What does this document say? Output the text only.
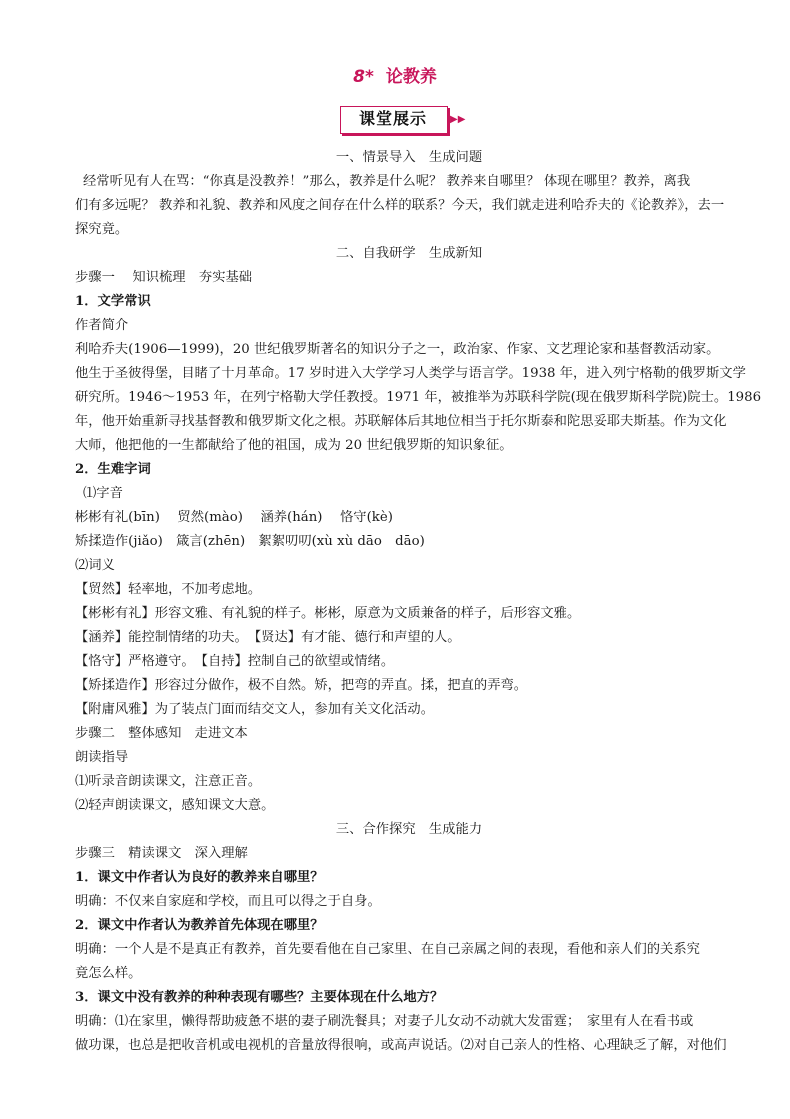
8* 论教养
课堂展示	▶▶

一、情景导入　生成问题

经常听见有人在骂：“你真是没教养！”那么，教养是什么呢？ 教养来自哪里？ 体现在哪里？教养，离我

们有多远呢？ 教养和礼貌、教养和风度之间存在什么样的联系？今天，我们就走进利哈乔夫的《论教养》，去一

探究竟。

二、自我研学　生成新知

步骤一　 知识梳理　夯实基础

1．文学常识

作者简介

利哈乔夫(1906—1999)，20 世纪俄罗斯著名的知识分子之一，政治家、作家、文艺理论家和基督教活动家。

他生于圣彼得堡，目睹了十月革命。17 岁时进入大学学习人类学与语言学。1938 年，进入列宁格勒的俄罗斯文学

研究所。1946～1953 年，在列宁格勒大学任教授。1971 年，被推举为苏联科学院(现在俄罗斯科学院)院士。1986

年，他开始重新寻找基督教和俄罗斯文化之根。苏联解体后其地位相当于托尔斯泰和陀思妥耶夫斯基。作为文化

大师，他把他的一生都献给了他的祖国，成为 20 世纪俄罗斯的知识象征。

2．生难字词

⑴字音

彬彬有礼(bīn)　 贸然(mào)　 涵养(hán)　 恪守(kè)

矫揉造作(jiǎo)　箴言(zhēn)　絮絮叨叨(xù xù dāo　dāo)

⑵词义

【贸然】轻率地，不加考虑地。

【彬彬有礼】形容文雅、有礼貌的样子。彬彬，原意为文质兼备的样子，后形容文雅。

【涵养】能控制情绪的功夫。　【贤达】有才能、德行和声望的人。

【恪守】严格遵守。　【自持】控制自己的欲望或情绪。

【矫揉造作】形容过分做作，极不自然。矫，把弯的弄直。揉，把直的弄弯。

【附庸风雅】为了装点门面而结交文人，参加有关文化活动。

步骤二　整体感知　走进文本

朗读指导

⑴听录音朗读课文，注意正音。

⑵轻声朗读课文，感知课文大意。

三、合作探究　生成能力

步骤三　精读课文　深入理解

1．课文中作者认为良好的教养来自哪里？

明确：不仅来自家庭和学校，而且可以得之于自身。

2．课文中作者认为教养首先体现在哪里？

明确：一个人是不是真正有教养，首先要看他在自己家里、在自己亲属之间的表现，看他和亲人们的关系究

竟怎么样。

3．课文中没有教养的种种表现有哪些？主要体现在什么地方？

明确：⑴在家里，懒得帮助疲惫不堪的妻子刷洗餐具；对妻子儿女动不动就大发雷霆；　家里有人在看书或

做功课，也总是把收音机或电视机的音量放得很响，或高声说话。⑵对自己亲人的性格、心理缺乏了解，对他们
